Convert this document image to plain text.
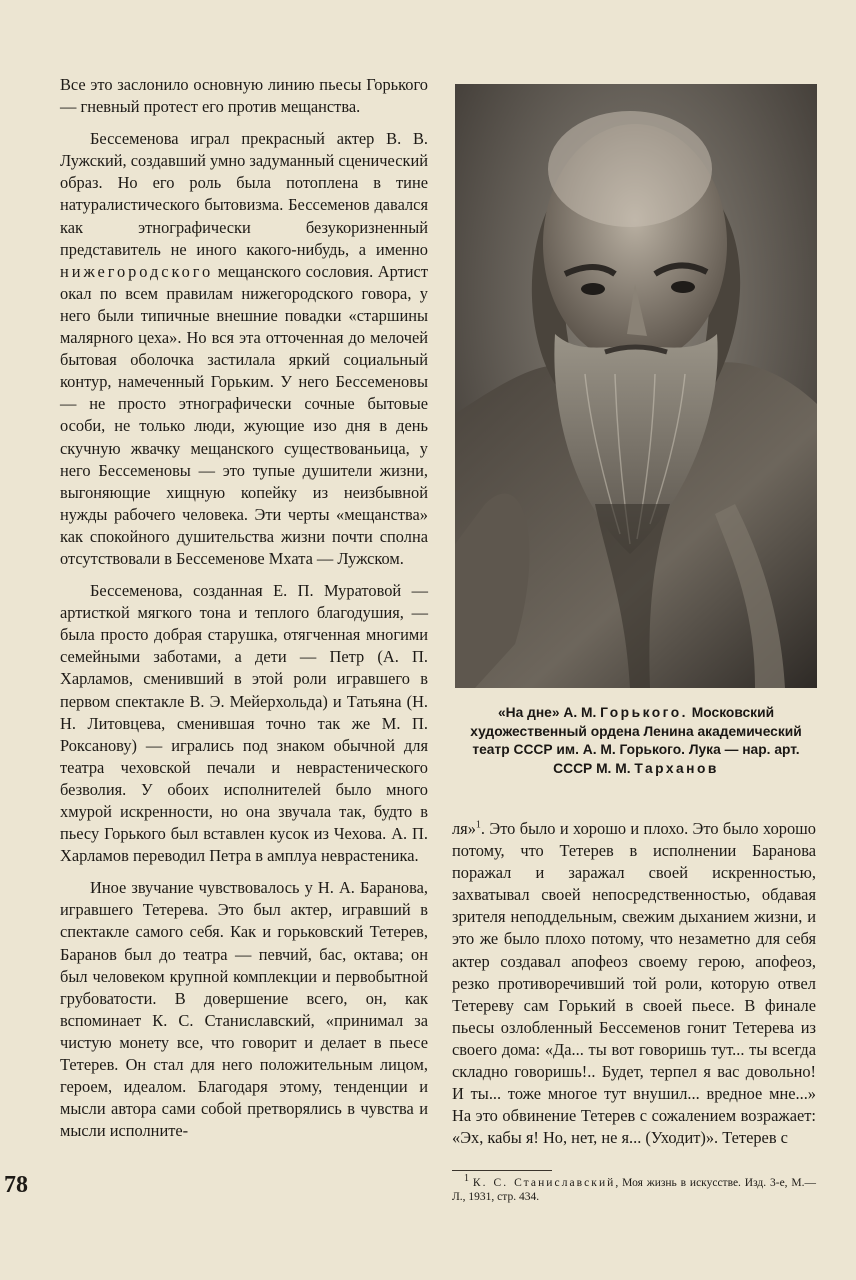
Все это заслонило основную линию пьесы Горького — гневный протест его против мещанства.

Бессеменова играл прекрасный актер В. В. Лужский, создавший умно задуманный сценический образ. Но его роль была потоплена в тине натуралистического бытовизма. Бессеменов давался как этнографически безукоризненный представитель не иного какого-нибудь, а именно нижегородского мещанского сословия. Артист окал по всем правилам нижегородского говора, у него были типичные внешние повадки «старшины малярного цеха». Но вся эта отточенная до мелочей бытовая оболочка застилала яркий социальный контур, намеченный Горьким. У него Бессеменовы — не просто этнографически сочные бытовые особи, не только люди, жующие изо дня в день скучную жвачку мещанского существованьица, у него Бессеменовы — это тупые душители жизни, выгоняющие хищную копейку из неизбывной нужды рабочего человека. Эти черты «мещанства» как спокойного душительства жизни почти сполна отсутствовали в Бессеменове Мхата — Лужском.

Бессеменова, созданная Е. П. Муратовой — артисткой мягкого тона и теплого благодушия, — была просто добрая старушка, отягченная многими семейными заботами, а дети — Петр (А. П. Харламов, сменивший в этой роли игравшего в первом спектакле В. Э. Мейерхольда) и Татьяна (Н. Н. Литовцева, сменившая точно так же М. П. Роксанову) — игрались под знаком обычной для театра чеховской печали и неврастенического безволия. У обоих исполнителей было много хмурой искренности, но она звучала так, будто в пьесу Горького был вставлен кусок из Чехова. А. П. Харламов переводил Петра в амплуа неврастеника.

Иное звучание чувствовалось у Н. А. Баранова, игравшего Тетерева. Это был актер, игравший в спектакле самого себя. Как и горьковский Тетерев, Баранов был до театра — певчий, бас, октава; он был человеком крупной комплекции и первобытной грубоватости. В довершение всего, он, как вспоминает К. С. Станиславский, «принимал за чистую монету все, что говорит и делает в пьесе Тетерев. Он стал для него положительным лицом, героем, идеалом. Благодаря этому, тенденции и мысли автора сами собой претворялись в чувства и мысли исполните-

«На дне» А. М. Горького. Московский художественный ордена Ленина академический театр СССР им. А. М. Горького. Лука — нар. арт. СССР М. М. Тарханов

ля»$^1$. Это было и хорошо и плохо. Это было хорошо потому, что Тетерев в исполнении Баранова поражал и заражал своей искренностью, захватывал своей непосредственностью, обдавая зрителя неподдельным, свежим дыханием жизни, и это же было плохо потому, что незаметно для себя актер создавал апофеоз своему герою, апофеоз, резко противоречивший той роли, которую отвел Тетереву сам Горький в своей пьесе. В финале пьесы озлобленный Бессеменов гонит Тетерева из своего дома: «Да... ты вот говоришь тут... ты всегда складно говоришь!.. Будет, терпел я вас довольно! И ты... тоже многое тут внушил... вредное мне...» На это обвинение Тетерев с сожалением возражает: «Эх, кабы я! Но, нет, не я... (Уходит)». Тетерев с

$^1$ К. С. Станиславский, Моя жизнь в искусстве. Изд. 3-е, М.—Л., 1931, стр. 434.
78
